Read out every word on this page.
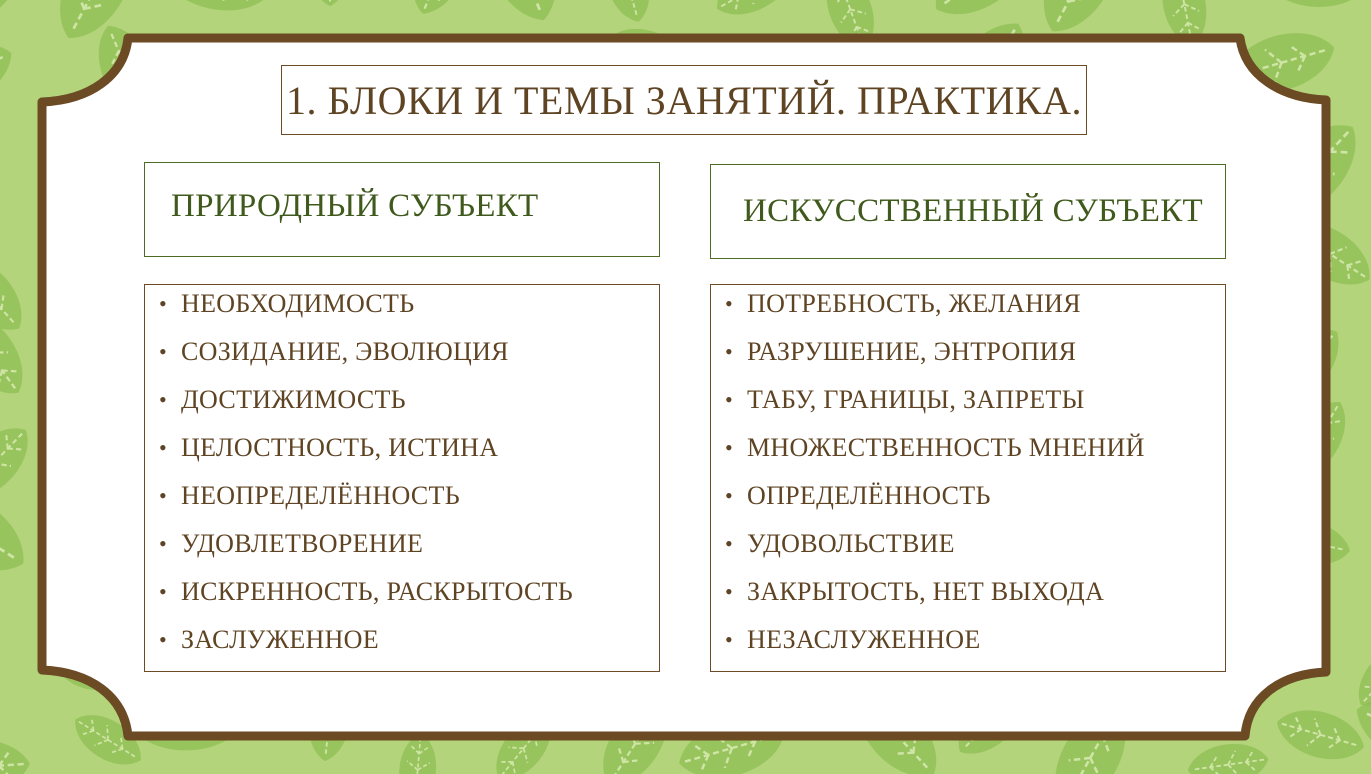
1. БЛОКИ И ТЕМЫ ЗАНЯТИЙ. ПРАКТИКА.
ПРИРОДНЫЙ СУБЪЕКТ	ИСКУССТВЕННЫЙ СУБЪЕКТ
• НЕОБХОДИМОСТЬ
• СОЗИДАНИЕ, ЭВОЛЮЦИЯ
• ДОСТИЖИМОСТЬ
• ЦЕЛОСТНОСТЬ, ИСТИНА
• НЕОПРЕДЕЛЁННОСТЬ
• УДОВЛЕТВОРЕНИЕ
• ИСКРЕННОСТЬ, РАСКРЫТОСТЬ
• ЗАСЛУЖЕННОЕ
• ПОТРЕБНОСТЬ, ЖЕЛАНИЯ
• РАЗРУШЕНИЕ, ЭНТРОПИЯ
• ТАБУ, ГРАНИЦЫ, ЗАПРЕТЫ
• МНОЖЕСТВЕННОСТЬ МНЕНИЙ
• ОПРЕДЕЛЁННОСТЬ
• УДОВОЛЬСТВИЕ
• ЗАКРЫТОСТЬ, НЕТ ВЫХОДА
• НЕЗАСЛУЖЕННОЕ
